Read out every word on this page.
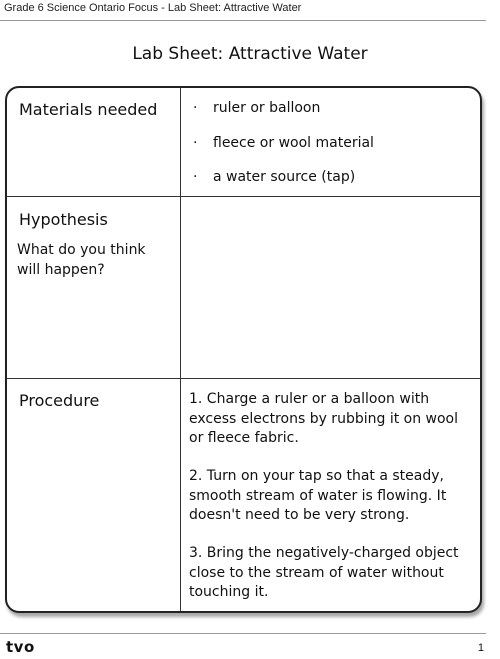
Grade 6 Science Ontario Focus - Lab Sheet: Attractive Water
Lab Sheet: Attractive Water
Materials needed	· ruler or balloon
· fleece or wool material
· a water source (tap)
Hypothesis
What do you think will happen?
Procedure	1. Charge a ruler or a balloon with excess electrons by rubbing it on wool or fleece fabric.
2. Turn on your tap so that a steady, smooth stream of water is flowing. It doesn't need to be very strong.
3. Bring the negatively-charged object close to the stream of water without touching it.
tvo	1
